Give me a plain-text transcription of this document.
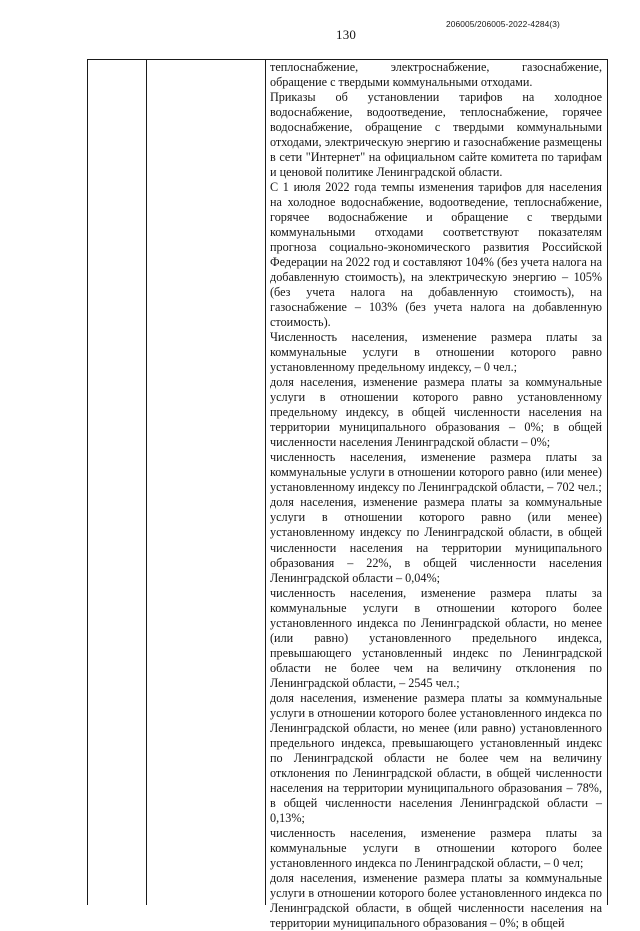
130
206005/206005-2022-4284(3)

теплоснабжение, электроснабжение, газоснабжение, обращение с твердыми коммунальными отходами.

Приказы об установлении тарифов на холодное водоснабжение, водоотведение, теплоснабжение, горячее водоснабжение, обращение с твердыми коммунальными отходами, электрическую энергию и газоснабжение размещены в сети "Интернет" на официальном сайте комитета по тарифам и ценовой политике Ленинградской области.

С 1 июля 2022 года темпы изменения тарифов для населения на холодное водоснабжение, водоотведение, теплоснабжение, горячее водоснабжение и обращение с твердыми коммунальными отходами соответствуют показателям прогноза социально-экономического развития Российской Федерации на 2022 год и составляют 104% (без учета налога на добавленную стоимость), на электрическую энергию – 105% (без учета налога на добавленную стоимость), на газоснабжение – 103% (без учета налога на добавленную стоимость).

Численность населения, изменение размера платы за коммунальные услуги в отношении которого равно установленному предельному индексу, – 0 чел.;

доля населения, изменение размера платы за коммунальные услуги в отношении которого равно установленному предельному индексу, в общей численности населения на территории муниципального образования – 0%; в общей численности населения Ленинградской области – 0%;

численность населения, изменение размера платы за коммунальные услуги в отношении которого равно (или менее) установленному индексу по Ленинградской области, – 702 чел.;

доля населения, изменение размера платы за коммунальные услуги в отношении которого равно (или менее) установленному индексу по Ленинградской области, в общей численности населения на территории муниципального образования – 22%, в общей численности населения Ленинградской области – 0,04%;

численность населения, изменение размера платы за коммунальные услуги в отношении которого более установленного индекса по Ленинградской области, но менее (или равно) установленного предельного индекса, превышающего установленный индекс по Ленинградской области не более чем на величину отклонения по Ленинградской области, – 2545 чел.;

доля населения, изменение размера платы за коммунальные услуги в отношении которого более установленного индекса по Ленинградской области, но менее (или равно) установленного предельного индекса, превышающего установленный индекс по Ленинградской области не более чем на величину отклонения по Ленинградской области, в общей численности населения на территории муниципального образования – 78%, в общей численности населения Ленинградской области – 0,13%;

численность населения, изменение размера платы за коммунальные услуги в отношении которого более установленного индекса по Ленинградской области, – 0 чел;

доля населения, изменение размера платы за коммунальные услуги в отношении которого более установленного индекса по Ленинградской области, в общей численности населения на территории муниципального образования – 0%; в общей
